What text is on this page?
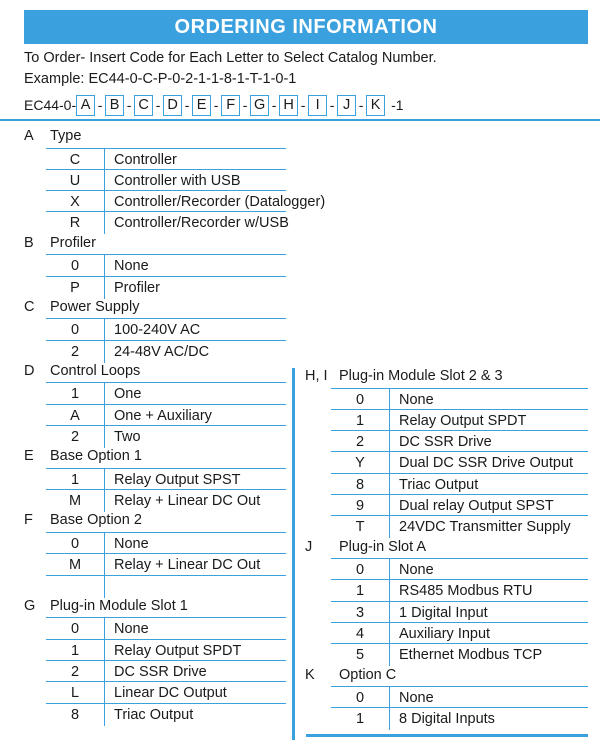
ORDERING INFORMATION
To Order- Insert Code for Each Letter to Select Catalog Number.
Example: EC44-0-C-P-0-2-1-1-8-1-T-1-0-1
EC44-0- A - B - C - D - E - F - G - H - I - J - K -1
A Type
C	Controller
U	Controller with USB
X	Controller/Recorder (Datalogger)
R	Controller/Recorder w/USB
B Profiler
0	None
P	Profiler
C Power Supply
0	100-240V AC
2	24-48V AC/DC
D Control Loops
1	One
A	One + Auxiliary
2	Two
E Base Option 1
1	Relay Output SPST
M	Relay + Linear DC Out
F Base Option 2
0	None
M	Relay + Linear DC Out
G Plug-in Module Slot 1
0	None
1	Relay Output SPDT
2	DC SSR Drive
L	Linear DC Output
8	Triac Output
H, I Plug-in Module Slot 2 & 3
0	None
1	Relay Output SPDT
2	DC SSR Drive
Y	Dual DC SSR Drive Output
8	Triac Output
9	Dual relay Output SPST
T	24VDC Transmitter Supply
J Plug-in Slot A
0	None
1	RS485 Modbus RTU
3	1 Digital Input
4	Auxiliary Input
5	Ethernet Modbus TCP
K Option C
0	None
1	8 Digital Inputs
